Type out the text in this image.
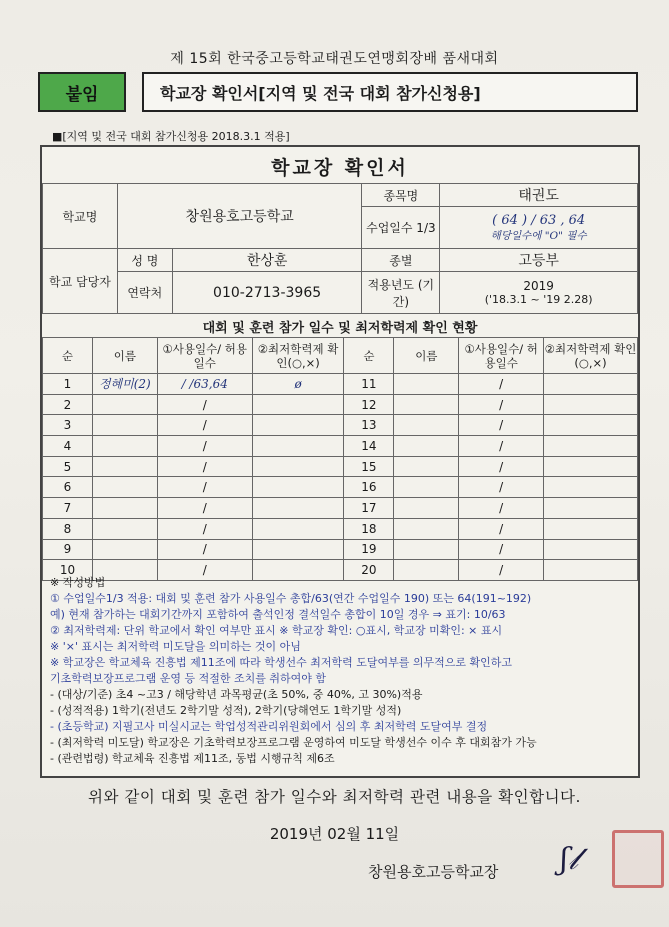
제 15회 한국중고등학교태권도연맹회장배 품새대회
붙임	학교장 확인서[지역 및 전국 대회 참가신청용]
■[지역 및 전국 대회 참가신청용 2018.3.1 적용]
학교장 확인서
학교명	창원용호고등학교		종목명	태권도
			수업일수 1/3	( 64 ) / 63 , 64
해당일수에 "O" 필수

학교 담당자	성 명	한상훈	종별	고등부
	연락처	010-2713-3965	적용년도 (기간)	2019
('18.3.1 ~ '19 2.28)
대회 및 훈련 참가 일수 및 최저학력제 확인 현황
순	이름	①사용일수/ 허용일수	②최저학력제 확인(○,×)	순	이름	①사용일수/ 허용일수	②최저학력제 확인(○,×)
1	정혜미(2)	/ /63,64	ø	11		/	
2		/		12		/	
3		/		13		/	
4		/		14		/	
5		/		15		/	
6		/		16		/	
7		/		17		/	
8		/		18		/	
9		/		19		/	
10		/		20		/	
※ 작성방법
① 수업일수1/3 적용: 대회 및 훈련 참가 사용일수 총합/63(연간 수업일수 190) 또는 64(191~192)
예) 현재 참가하는 대회기간까지 포함하여 출석인정 결석일수 총합이 10일 경우 ⇒ 표기: 10/63
② 최저학력제: 단위 학교에서 확인 여부만 표시 ※ 학교장 확인: ○표시, 학교장 미확인: × 표시
※ '×' 표시는 최저학력 미도달을 의미하는 것이 아님
※ 학교장은 학교체육 진흥법 제11조에 따라 학생선수 최저학력 도달여부를 의무적으로 확인하고
기초학력보장프로그램 운영 등 적절한 조치를 취하여야 함
- (대상/기준) 초4 ~고3 / 해당학년 과목평균(초 50%, 중 40%, 고 30%)적용
- (성적적용) 1학기(전년도 2학기말 성적), 2학기(당해연도 1학기말 성적)
- (초등학교) 지필고사 미실시교는 학업성적관리위원회에서 심의 후 최저학력 도달여부 결정
- (최저학력 미도달) 학교장은 기초학력보장프로그램 운영하여 미도달 학생선수 이수 후 대회참가 가능
- (관련법령) 학교체육 진흥법 제11조, 동법 시행규칙 제6조
위와 같이 대회 및 훈련 참가 일수와 최저학력 관련 내용을 확인합니다.
2019년 02월 11일
창원용호고등학교장 ʃ𝓁
